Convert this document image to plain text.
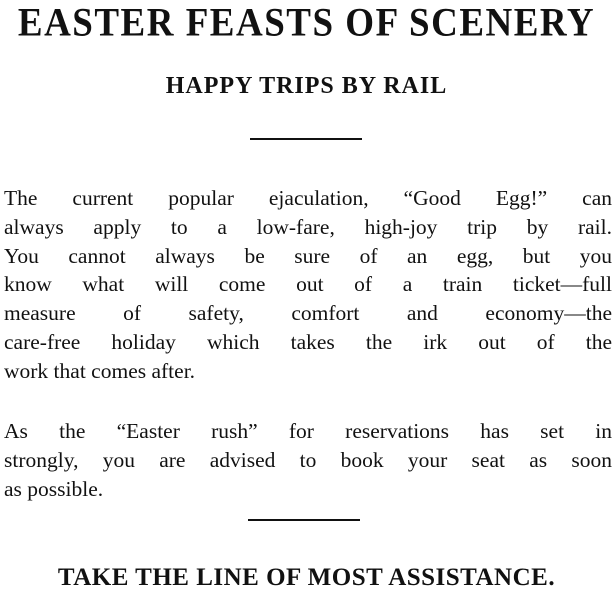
EASTER FEASTS OF SCENERY
HAPPY TRIPS BY RAIL
The current popular ejaculation, “Good Egg!” can
always apply to a low-fare, high-joy trip by rail.
You cannot always be sure of an egg, but you
know what will come out of a train ticket—full
measure of safety, comfort and economy—the
care-free holiday which takes the irk out of the
work that comes after.
As the “Easter rush” for reservations has set in
strongly, you are advised to book your seat as soon
as possible.
TAKE THE LINE OF MOST ASSISTANCE.
